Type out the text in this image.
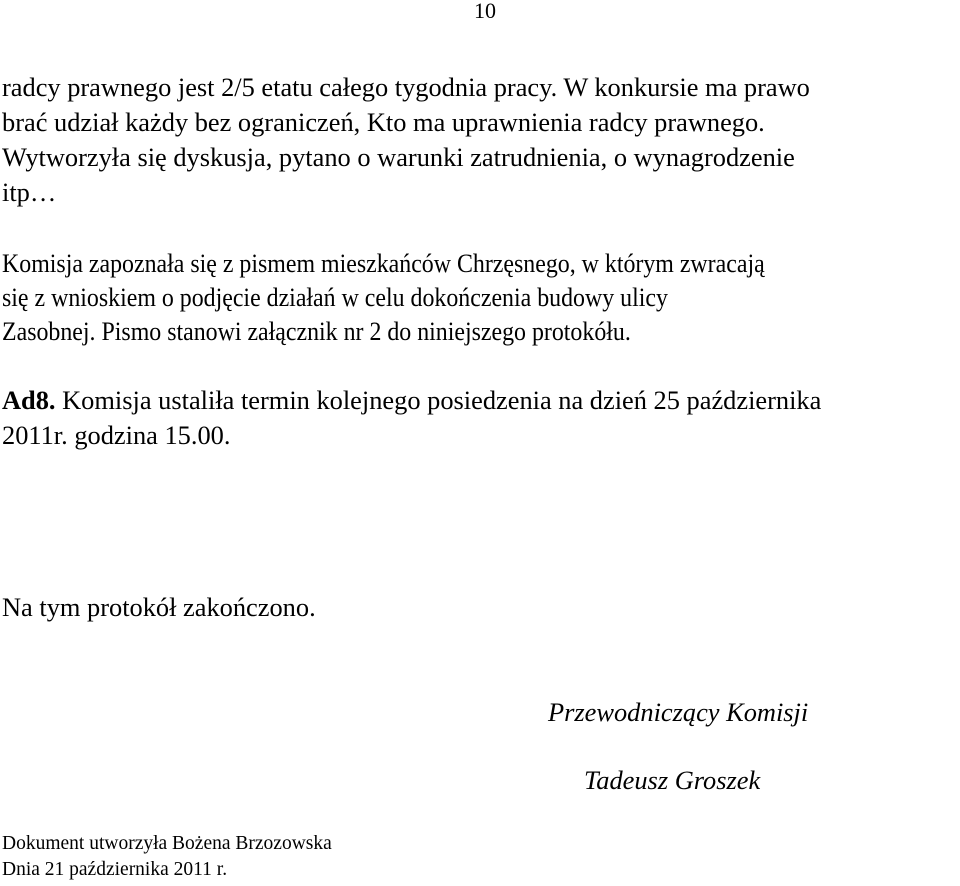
10
radcy prawnego jest 2/5 etatu całego tygodnia pracy. W konkursie ma prawo
brać udział każdy bez ograniczeń, Kto ma uprawnienia radcy prawnego.
Wytworzyła się dyskusja, pytano o warunki zatrudnienia, o wynagrodzenie
itp…
Komisja zapoznała się z pismem mieszkańców Chrzęsnego, w którym zwracają
się z wnioskiem o podjęcie działań w celu dokończenia budowy ulicy
Zasobnej. Pismo stanowi załącznik nr 2 do niniejszego protokółu.
Ad8. Komisja ustaliła termin kolejnego posiedzenia na dzień 25 października
2011r. godzina 15.00.
Na tym protokół zakończono.
Przewodniczący Komisji
Tadeusz Groszek
Dokument utworzyła Bożena Brzozowska
Dnia 21 października 2011 r.
